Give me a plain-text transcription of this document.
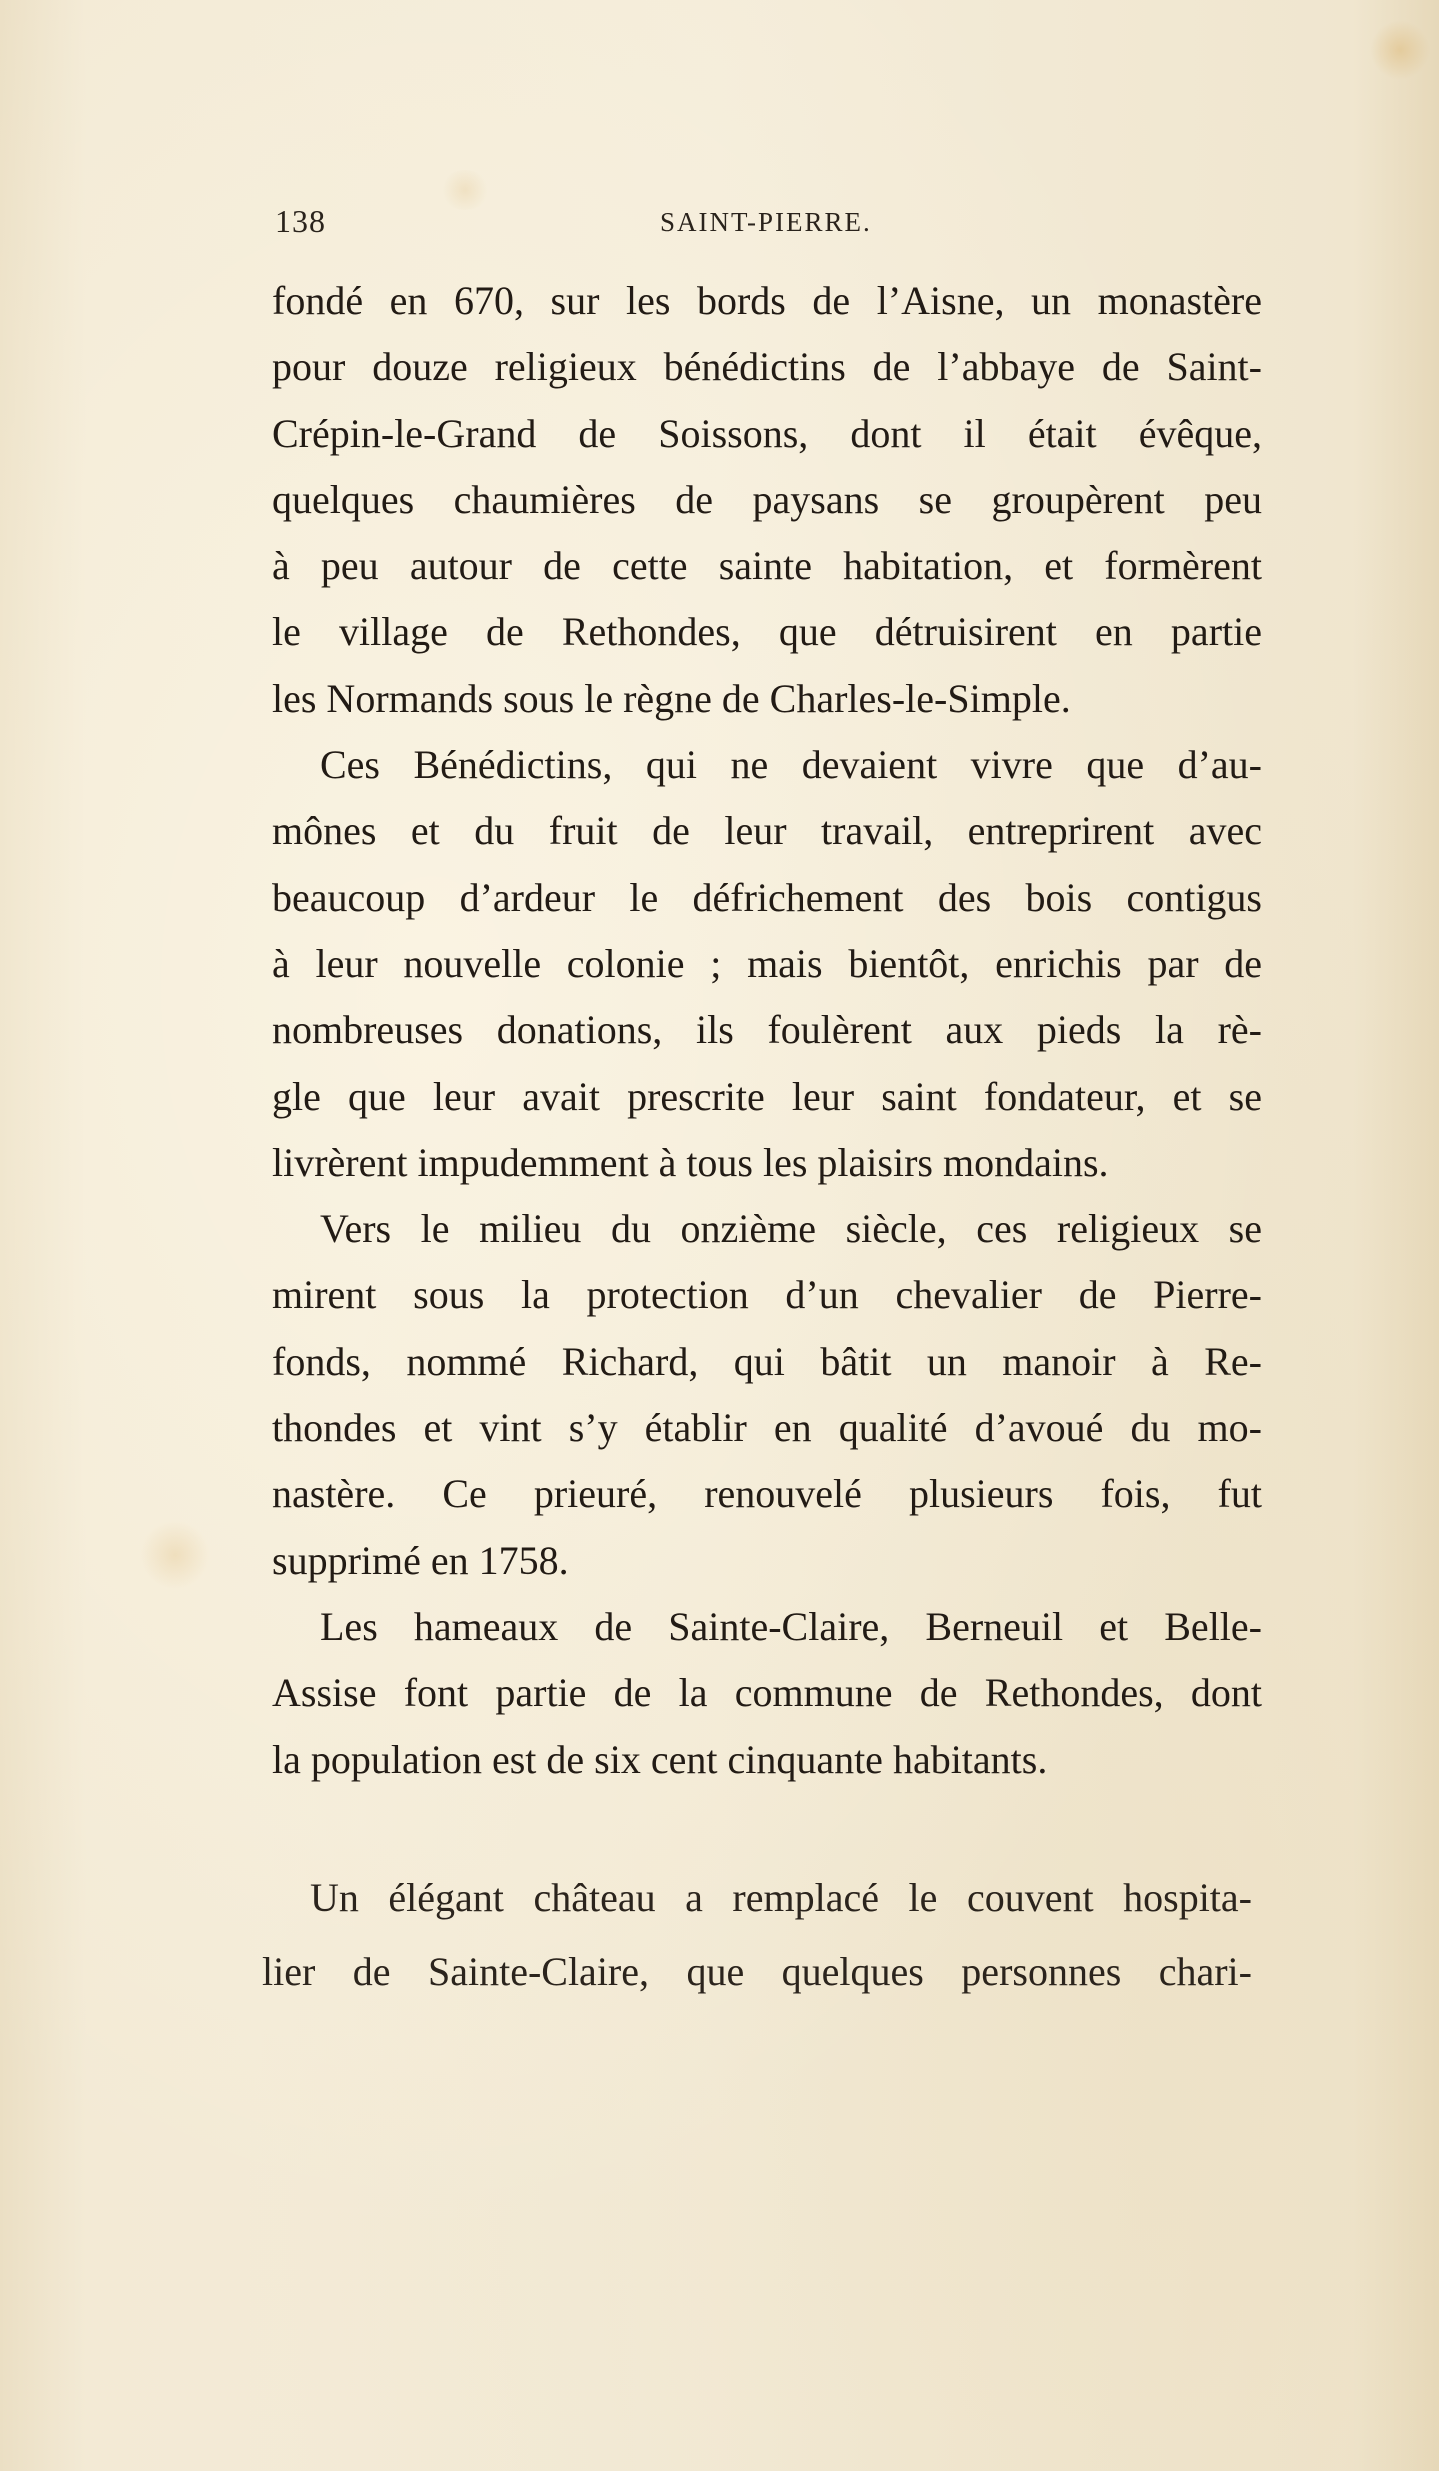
138	SAINT-PIERRE.
fondé en 670, sur les bords de l’Aisne, un monastère
pour douze religieux bénédictins de l’abbaye de Saint-
Crépin-le-Grand de Soissons, dont il était évêque,
quelques chaumières de paysans se groupèrent peu
à peu autour de cette sainte habitation, et formèrent
le village de Rethondes, que détruisirent en partie
les Normands sous le règne de Charles-le-Simple.
Ces Bénédictins, qui ne devaient vivre que d’au-
mônes et du fruit de leur travail, entreprirent avec
beaucoup d’ardeur le défrichement des bois contigus
à leur nouvelle colonie ; mais bientôt, enrichis par de
nombreuses donations, ils foulèrent aux pieds la rè-
gle que leur avait prescrite leur saint fondateur, et se
livrèrent impudemment à tous les plaisirs mondains.
Vers le milieu du onzième siècle, ces religieux se
mirent sous la protection d’un chevalier de Pierre-
fonds, nommé Richard, qui bâtit un manoir à Re-
thondes et vint s’y établir en qualité d’avoué du mo-
nastère. Ce prieuré, renouvelé plusieurs fois, fut
supprimé en 1758.
Les hameaux de Sainte-Claire, Berneuil et Belle-
Assise font partie de la commune de Rethondes, dont
la population est de six cent cinquante habitants.
Un élégant château a remplacé le couvent hospita-
lier de Sainte-Claire, que quelques personnes chari-
